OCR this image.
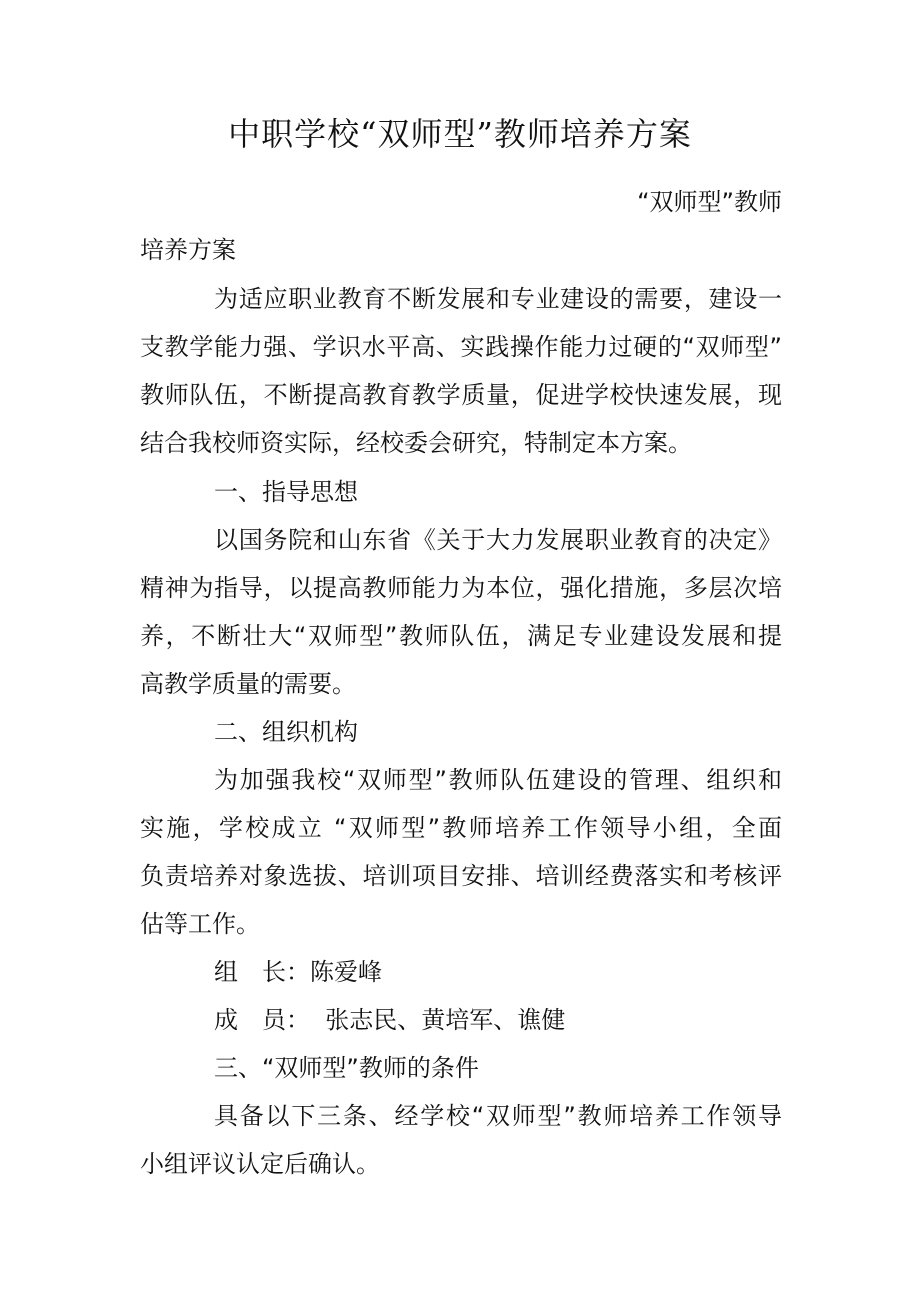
中职学校“双师型”教师培养方案
“双师型”教师
培养方案
为适应职业教育不断发展和专业建设的需要，建设一
支教学能力强、学识水平高、实践操作能力过硬的“双师型”
教师队伍，不断提高教育教学质量，促进学校快速发展，现
结合我校师资实际，经校委会研究，特制定本方案。
一、指导思想
以国务院和山东省《关于大力发展职业教育的决定》
精神为指导，以提高教师能力为本位，强化措施，多层次培
养，不断壮大“双师型”教师队伍，满足专业建设发展和提
高教学质量的需要。
二、组织机构
为加强我校“双师型”教师队伍建设的管理、组织和
实施，学校成立 “双师型”教师培养工作领导小组，全面
负责培养对象选拔、培训项目安排、培训经费落实和考核评
估等工作。
组　长：陈爱峰
成　员：  张志民、黄培军、谯健
三、“双师型”教师的条件
具备以下三条、经学校“双师型”教师培养工作领导
小组评议认定后确认。
